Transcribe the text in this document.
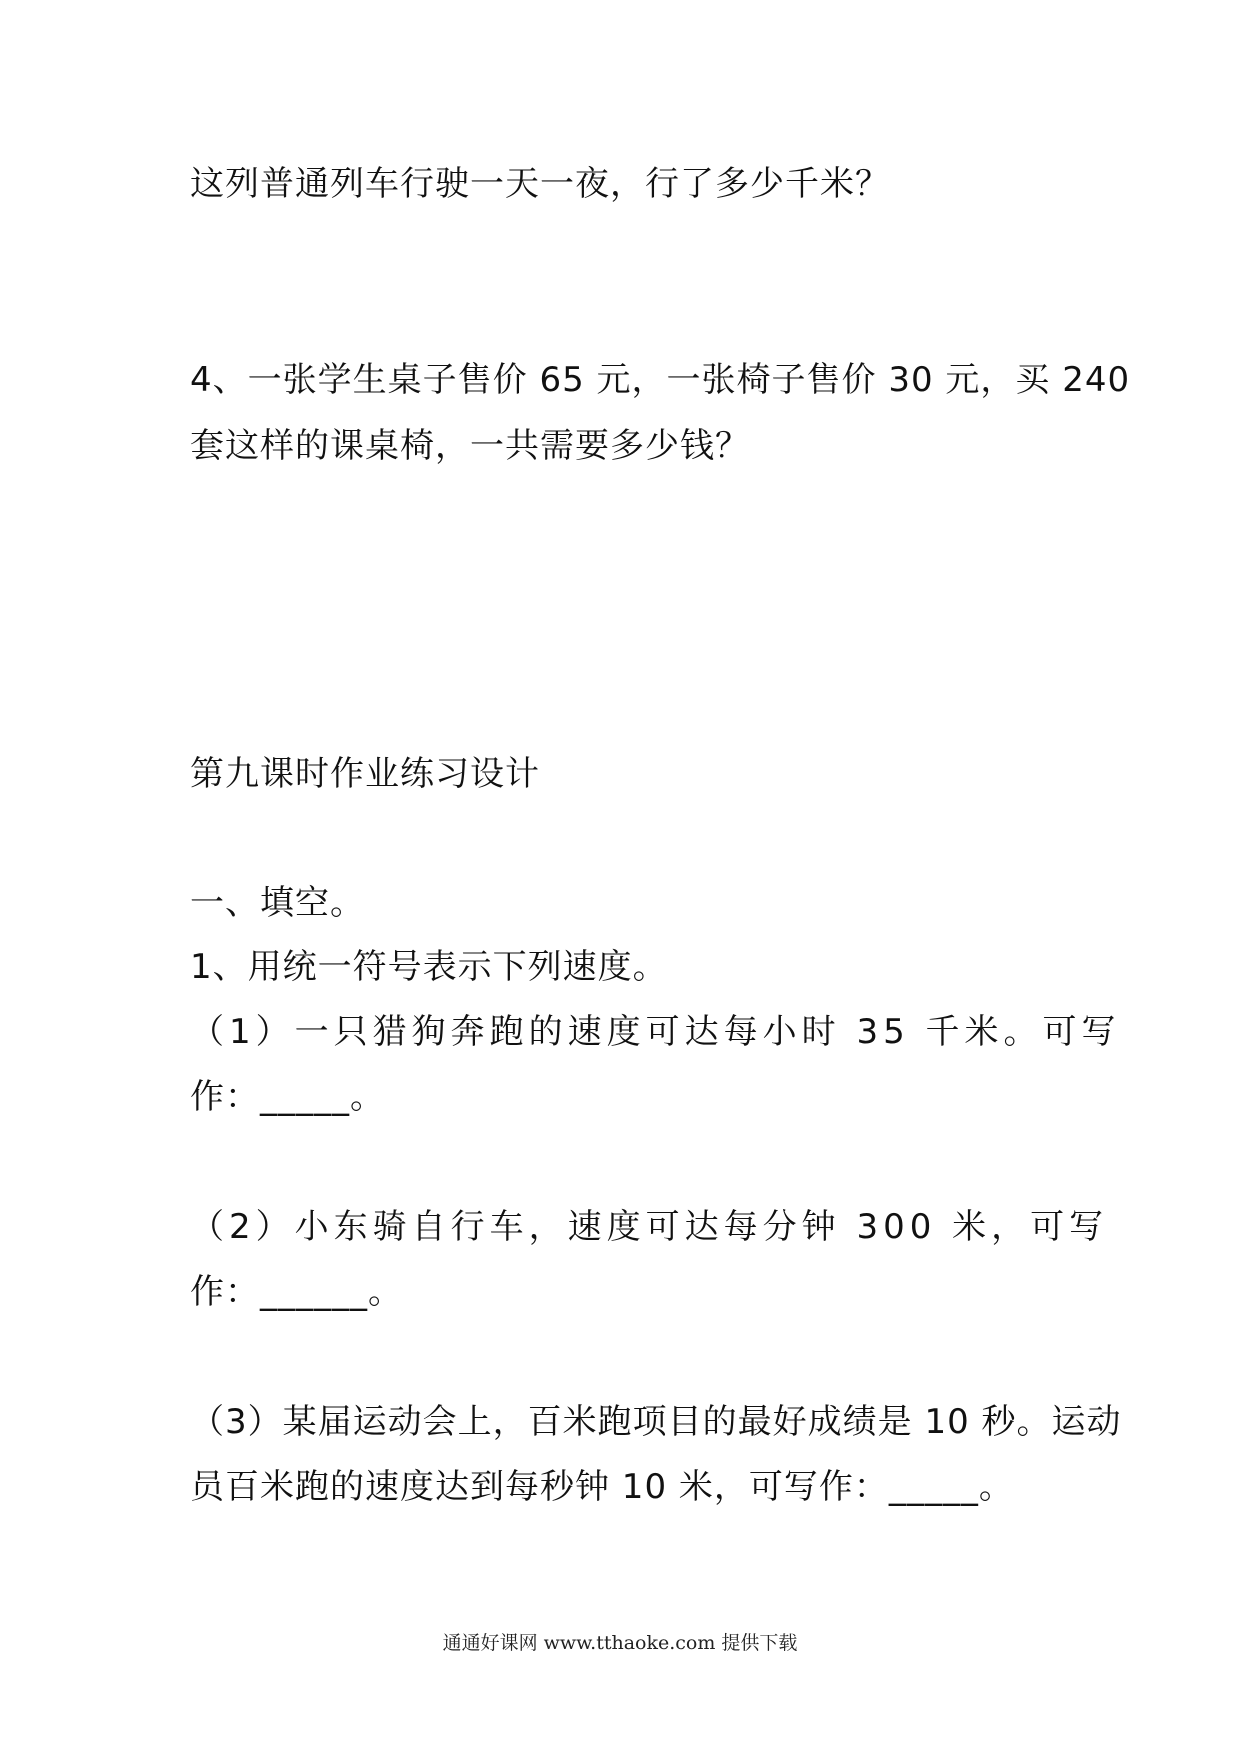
这列普通列车行驶一天一夜，行了多少千米？
4、一张学生桌子售价 65 元，一张椅子售价 30 元，买 240
套这样的课桌椅，一共需要多少钱？
第九课时作业练习设计
一、填空。
1、用统一符号表示下列速度。
（1）一只猎狗奔跑的速度可达每小时 35 千米。可写
作：_____。
（2）小东骑自行车，速度可达每分钟 300 米，可写
作：______。
（3）某届运动会上，百米跑项目的最好成绩是 10 秒。运动
员百米跑的速度达到每秒钟 10 米，可写作：_____。
通通好课网 www.tthaoke.com 提供下载
